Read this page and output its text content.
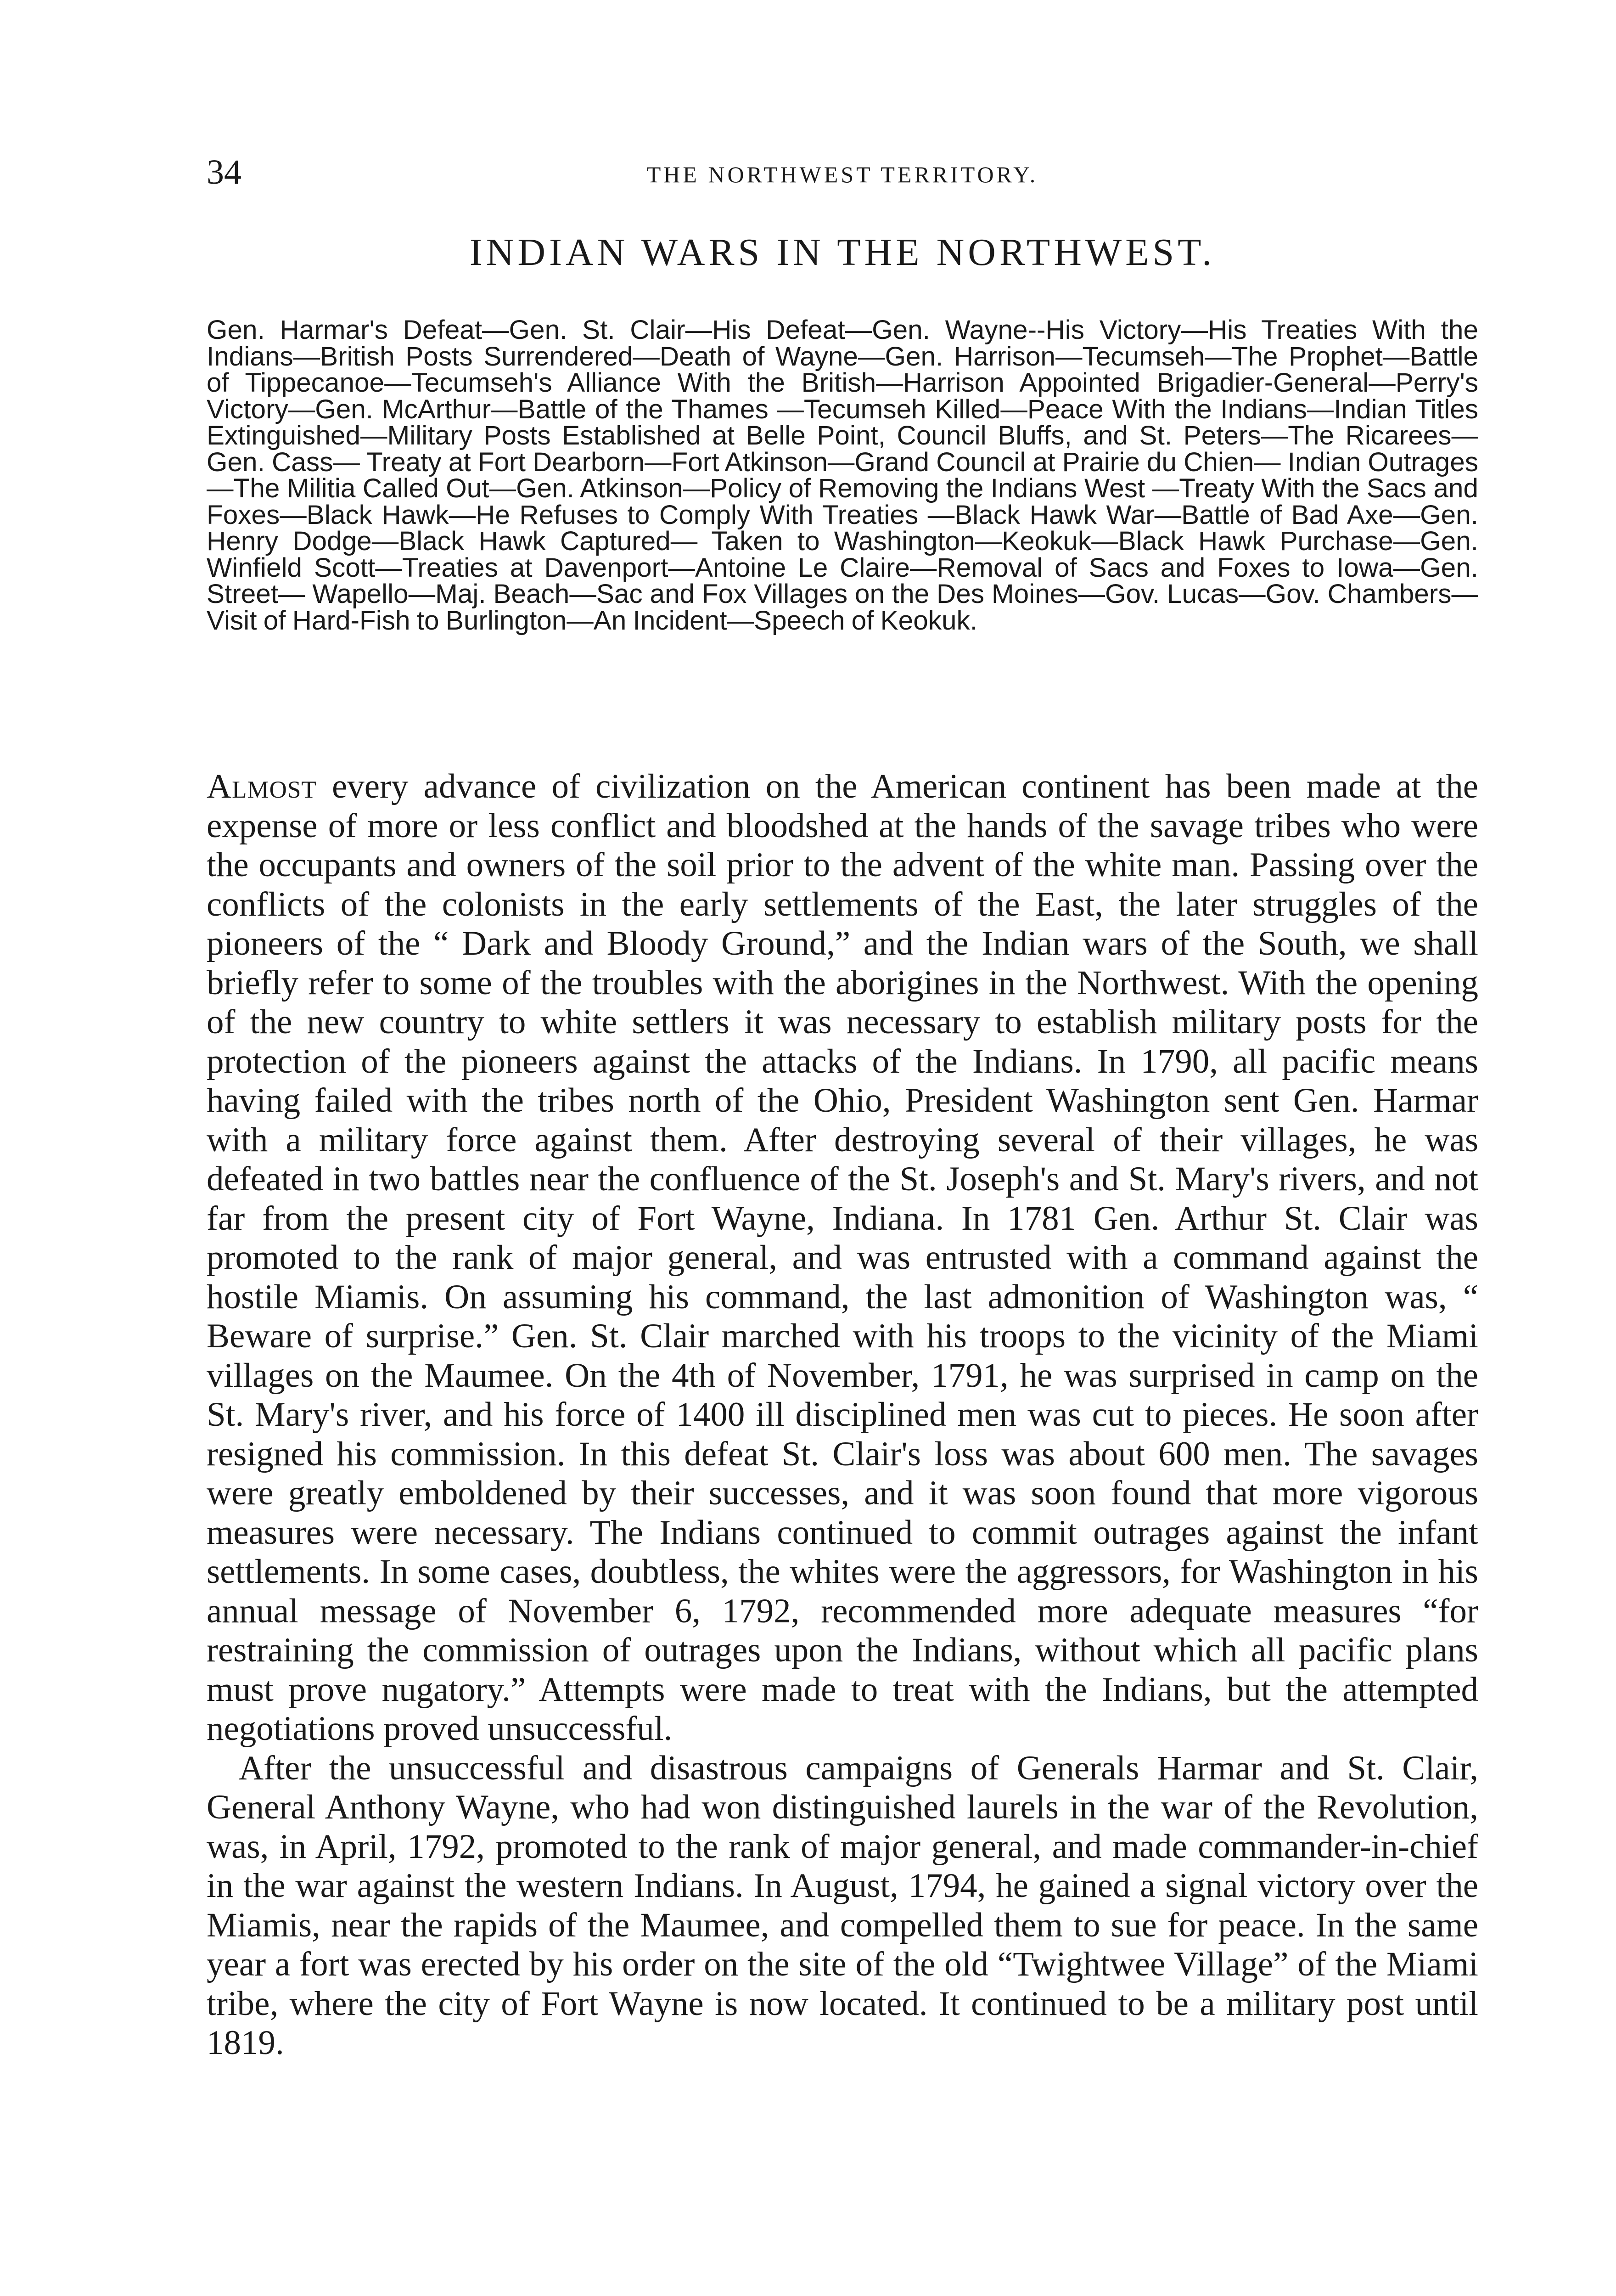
34	THE NORTHWEST TERRITORY.
INDIAN WARS IN THE NORTHWEST.
Gen. Harmar's Defeat—Gen. St. Clair—His Defeat—Gen. Wayne--His Victory—His Treaties With the Indians—British Posts Surrendered—Death of Wayne—Gen. Harrison—Tecumseh—The Prophet—Battle of Tippecanoe—Tecumseh's Alliance With the British—Harrison Appointed Brigadier-General—Perry's Victory—Gen. McArthur—Battle of the Thames —Tecumseh Killed—Peace With the Indians—Indian Titles Extinguished—Military Posts Established at Belle Point, Council Bluffs, and St. Peters—The Ricarees—Gen. Cass— Treaty at Fort Dearborn—Fort Atkinson—Grand Council at Prairie du Chien— Indian Outrages—The Militia Called Out—Gen. Atkinson—Policy of Removing the Indians West —Treaty With the Sacs and Foxes—Black Hawk—He Refuses to Comply With Treaties —Black Hawk War—Battle of Bad Axe—Gen. Henry Dodge—Black Hawk Captured— Taken to Washington—Keokuk—Black Hawk Purchase—Gen. Winfield Scott—Treaties at Davenport—Antoine Le Claire—Removal of Sacs and Foxes to Iowa—Gen. Street— Wapello—Maj. Beach—Sac and Fox Villages on the Des Moines—Gov. Lucas—Gov. Chambers—Visit of Hard-Fish to Burlington—An Incident—Speech of Keokuk.

Almost every advance of civilization on the American continent has been made at the expense of more or less conflict and bloodshed at the hands of the savage tribes who were the occupants and owners of the soil prior to the advent of the white man. Passing over the conflicts of the colonists in the early settlements of the East, the later struggles of the pioneers of the “ Dark and Bloody Ground,” and the Indian wars of the South, we shall briefly refer to some of the troubles with the aborigines in the Northwest. With the opening of the new country to white settlers it was necessary to establish military posts for the protection of the pioneers against the attacks of the Indians. In 1790, all pacific means having failed with the tribes north of the Ohio, President Washington sent Gen. Harmar with a military force against them. After destroying several of their villages, he was defeated in two battles near the confluence of the St. Joseph's and St. Mary's rivers, and not far from the present city of Fort Wayne, Indiana. In 1781 Gen. Arthur St. Clair was promoted to the rank of major general, and was entrusted with a command against the hostile Miamis. On assuming his command, the last admonition of Washington was, “ Beware of surprise.” Gen. St. Clair marched with his troops to the vicinity of the Miami villages on the Maumee. On the 4th of November, 1791, he was surprised in camp on the St. Mary's river, and his force of 1400 ill disciplined men was cut to pieces. He soon after resigned his commission. In this defeat St. Clair's loss was about 600 men. The savages were greatly emboldened by their successes, and it was soon found that more vigorous measures were necessary. The Indians continued to commit outrages against the infant settlements. In some cases, doubtless, the whites were the aggressors, for Washington in his annual message of November 6, 1792, recommended more adequate measures “for restraining the commission of outrages upon the Indians, without which all pacific plans must prove nugatory.” Attempts were made to treat with the Indians, but the attempted negotiations proved unsuccessful.

After the unsuccessful and disastrous campaigns of Generals Harmar and St. Clair, General Anthony Wayne, who had won distinguished laurels in the war of the Revolution, was, in April, 1792, promoted to the rank of major general, and made commander-in-chief in the war against the western Indians. In August, 1794, he gained a signal victory over the Miamis, near the rapids of the Maumee, and compelled them to sue for peace. In the same year a fort was erected by his order on the site of the old “Twightwee Village” of the Miami tribe, where the city of Fort Wayne is now located. It continued to be a military post until 1819.
